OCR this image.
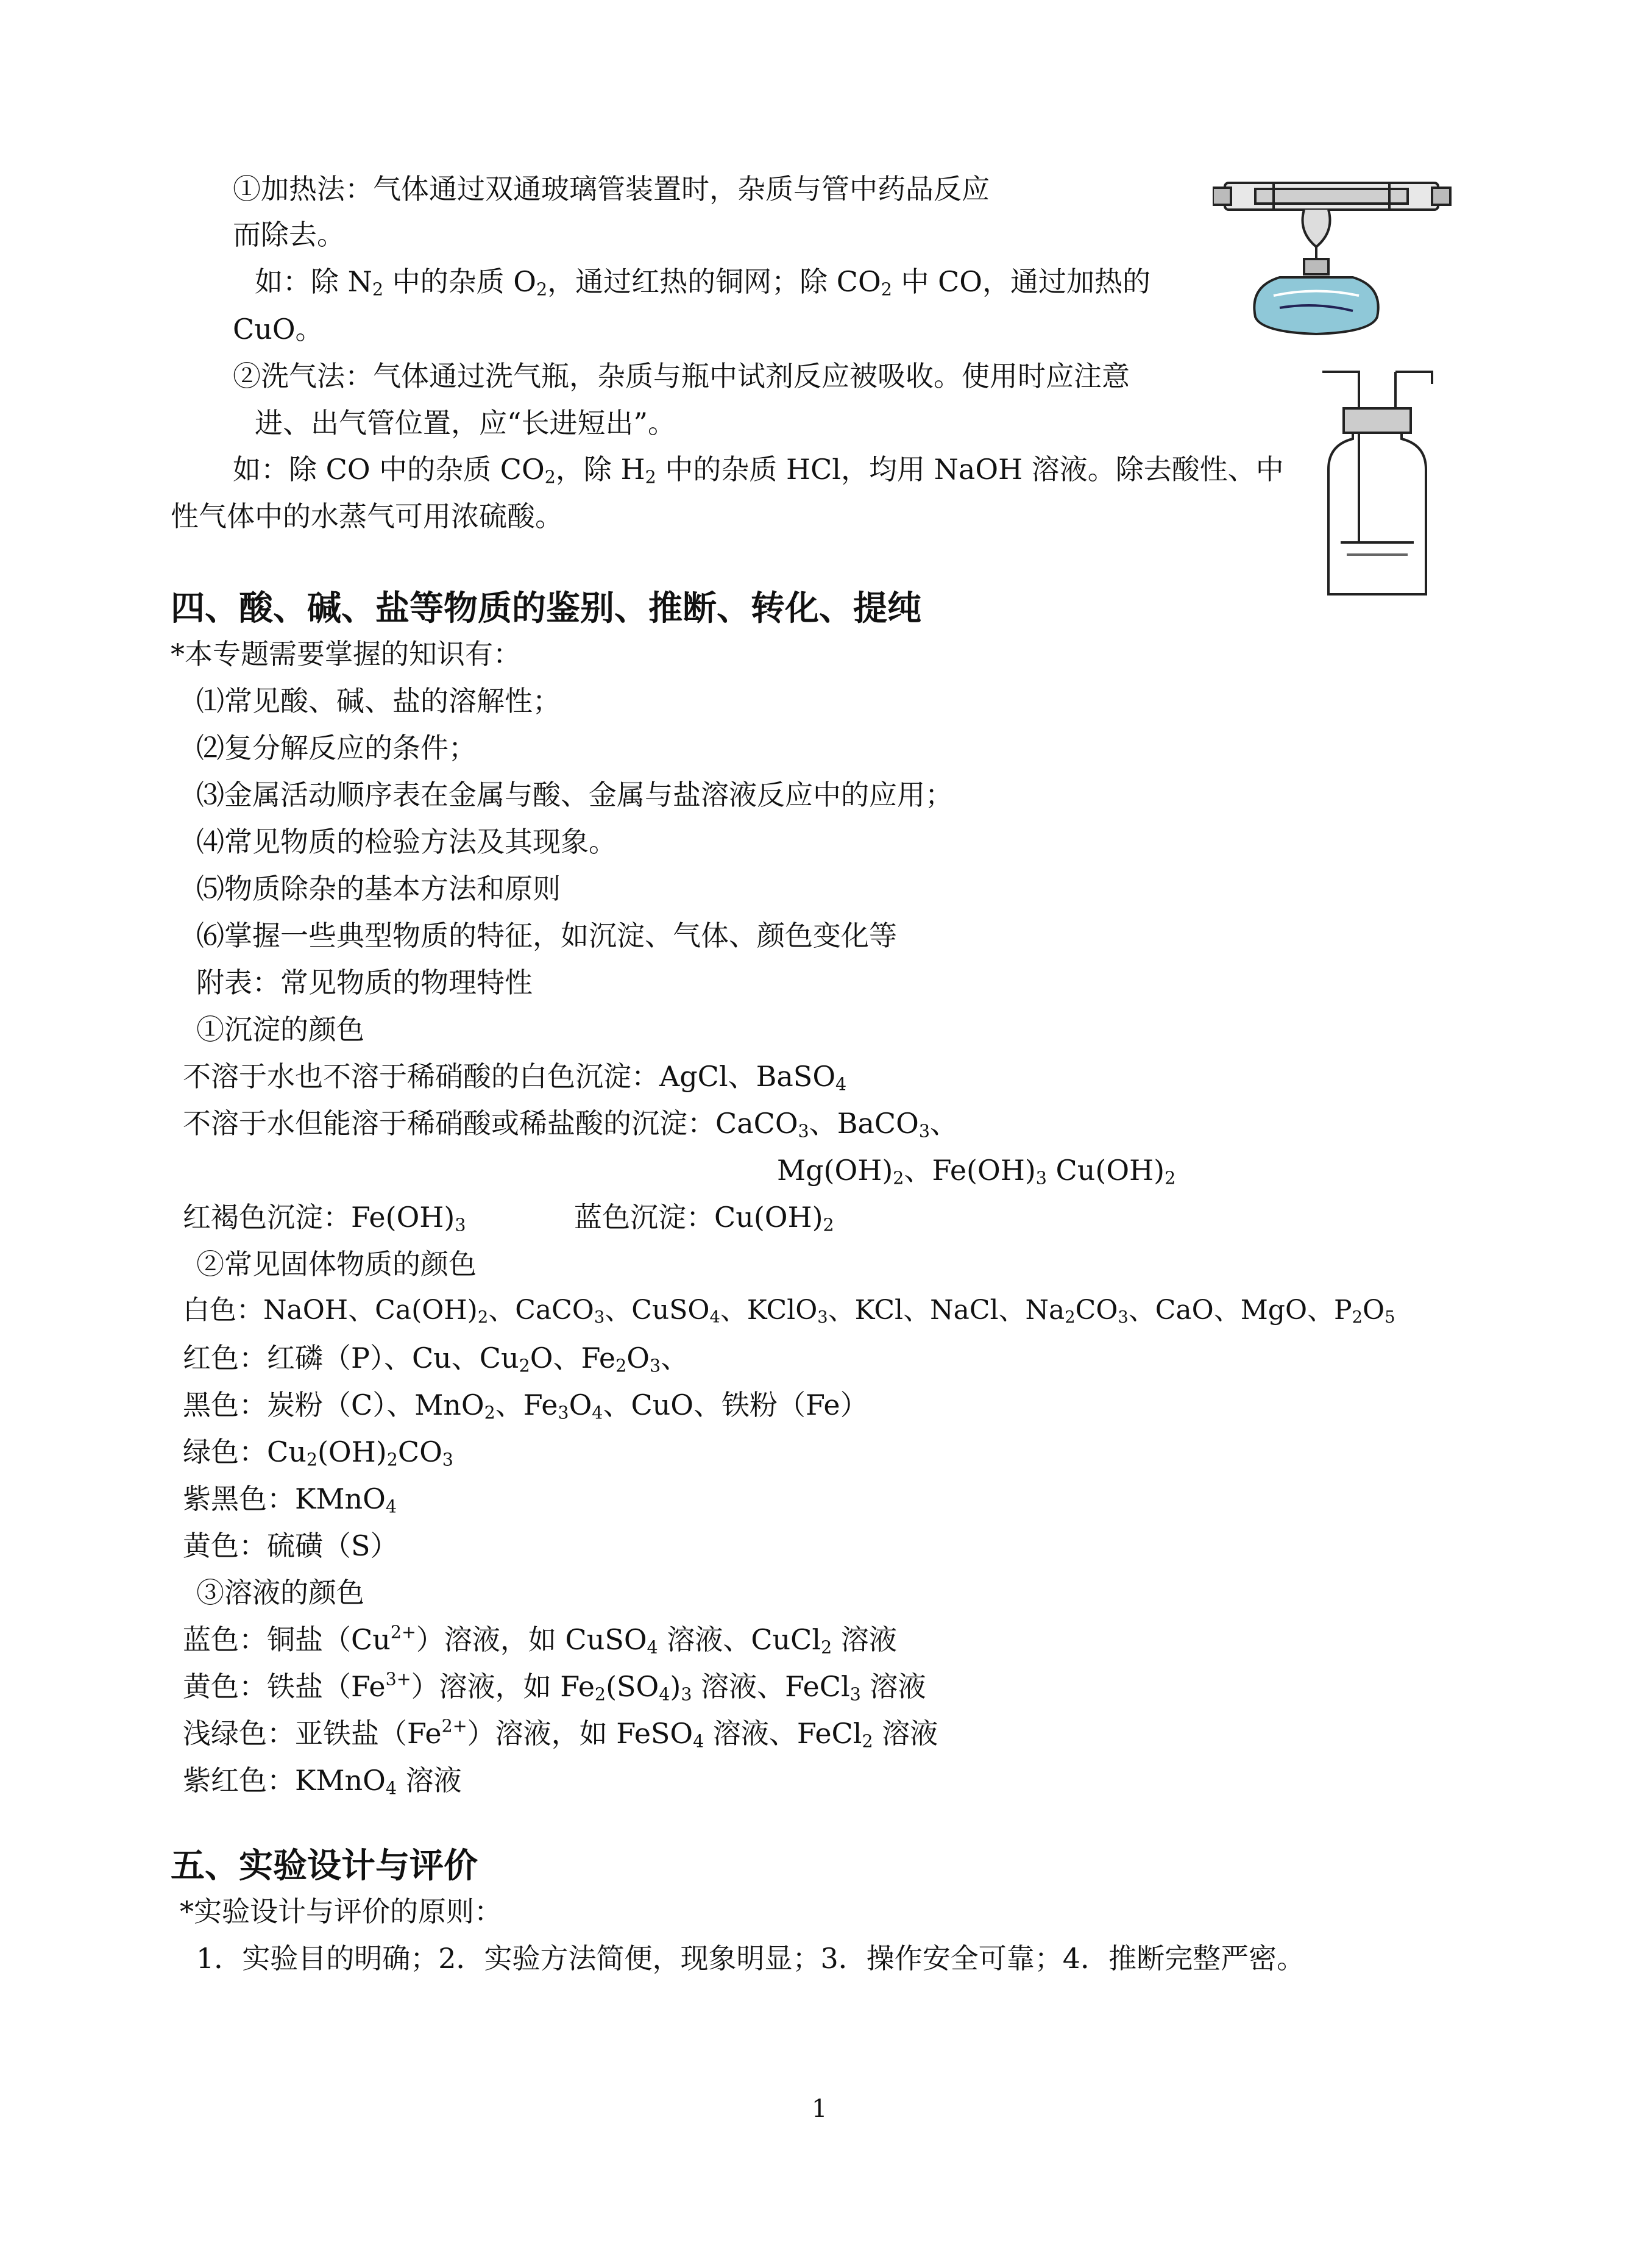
①加热法：气体通过双通玻璃管装置时，杂质与管中药品反应
而除去。
如：除 $N_2$ 中的杂质 $O_2$，通过红热的铜网；除 $CO_2$ 中 CO，通过加热的
CuO。
②洗气法：气体通过洗气瓶，杂质与瓶中试剂反应被吸收。使用时应注意
进、出气管位置，应“长进短出”。
如：除 CO 中的杂质 $CO_2$，除 $H_2$ 中的杂质 HCl，均用 NaOH 溶液。除去酸性、中
性气体中的水蒸气可用浓硫酸。
四、酸、碱、盐等物质的鉴别、推断、转化、提纯
*本专题需要掌握的知识有：
⑴常见酸、碱、盐的溶解性；
⑵复分解反应的条件；
⑶金属活动顺序表在金属与酸、金属与盐溶液反应中的应用；
⑷常见物质的检验方法及其现象。
⑸物质除杂的基本方法和原则
⑹掌握一些典型物质的特征，如沉淀、气体、颜色变化等
附表：常见物质的物理特性
①沉淀的颜色
不溶于水也不溶于稀硝酸的白色沉淀：AgCl、BaSO$_4$
不溶于水但能溶于稀硝酸或稀盐酸的沉淀：CaCO$_3$、BaCO$_3$、
$Mg(OH)_2$、$Fe(OH)_3$ $Cu(OH)_2$
红褐色沉淀：$Fe(OH)_3$	蓝色沉淀：$Cu(OH)_2$
②常见固体物质的颜色
白色：NaOH、$Ca(OH)_2$、CaCO$_3$、CuSO$_4$、KClO$_3$、KCl、NaCl、$Na_2CO_3$、CaO、MgO、$P_2O_5$
红色：红磷（P）、Cu、$Cu_2O$、$Fe_2O_3$、
黑色：炭粉（C）、MnO$_2$、$Fe_3O_4$、CuO、铁粉（Fe）
绿色：$Cu_2(OH)_2CO_3$
紫黑色：KMnO$_4$
黄色：硫磺（S）
③溶液的颜色
蓝色：铜盐$(Cu^{2+})$溶液，如 CuSO$_4$ 溶液、CuCl$_2$ 溶液
黄色：铁盐$(Fe^{3+})$溶液，如 $Fe_2(SO_4)_3$ 溶液、FeCl$_3$ 溶液
浅绿色：亚铁盐$(Fe^{2+})$溶液，如 FeSO$_4$ 溶液、FeCl$_2$ 溶液
紫红色：KMnO$_4$ 溶液
五、实验设计与评价
*实验设计与评价的原则：
1．实验目的明确；2．实验方法简便，现象明显；3．操作安全可靠；4．推断完整严密。
1
